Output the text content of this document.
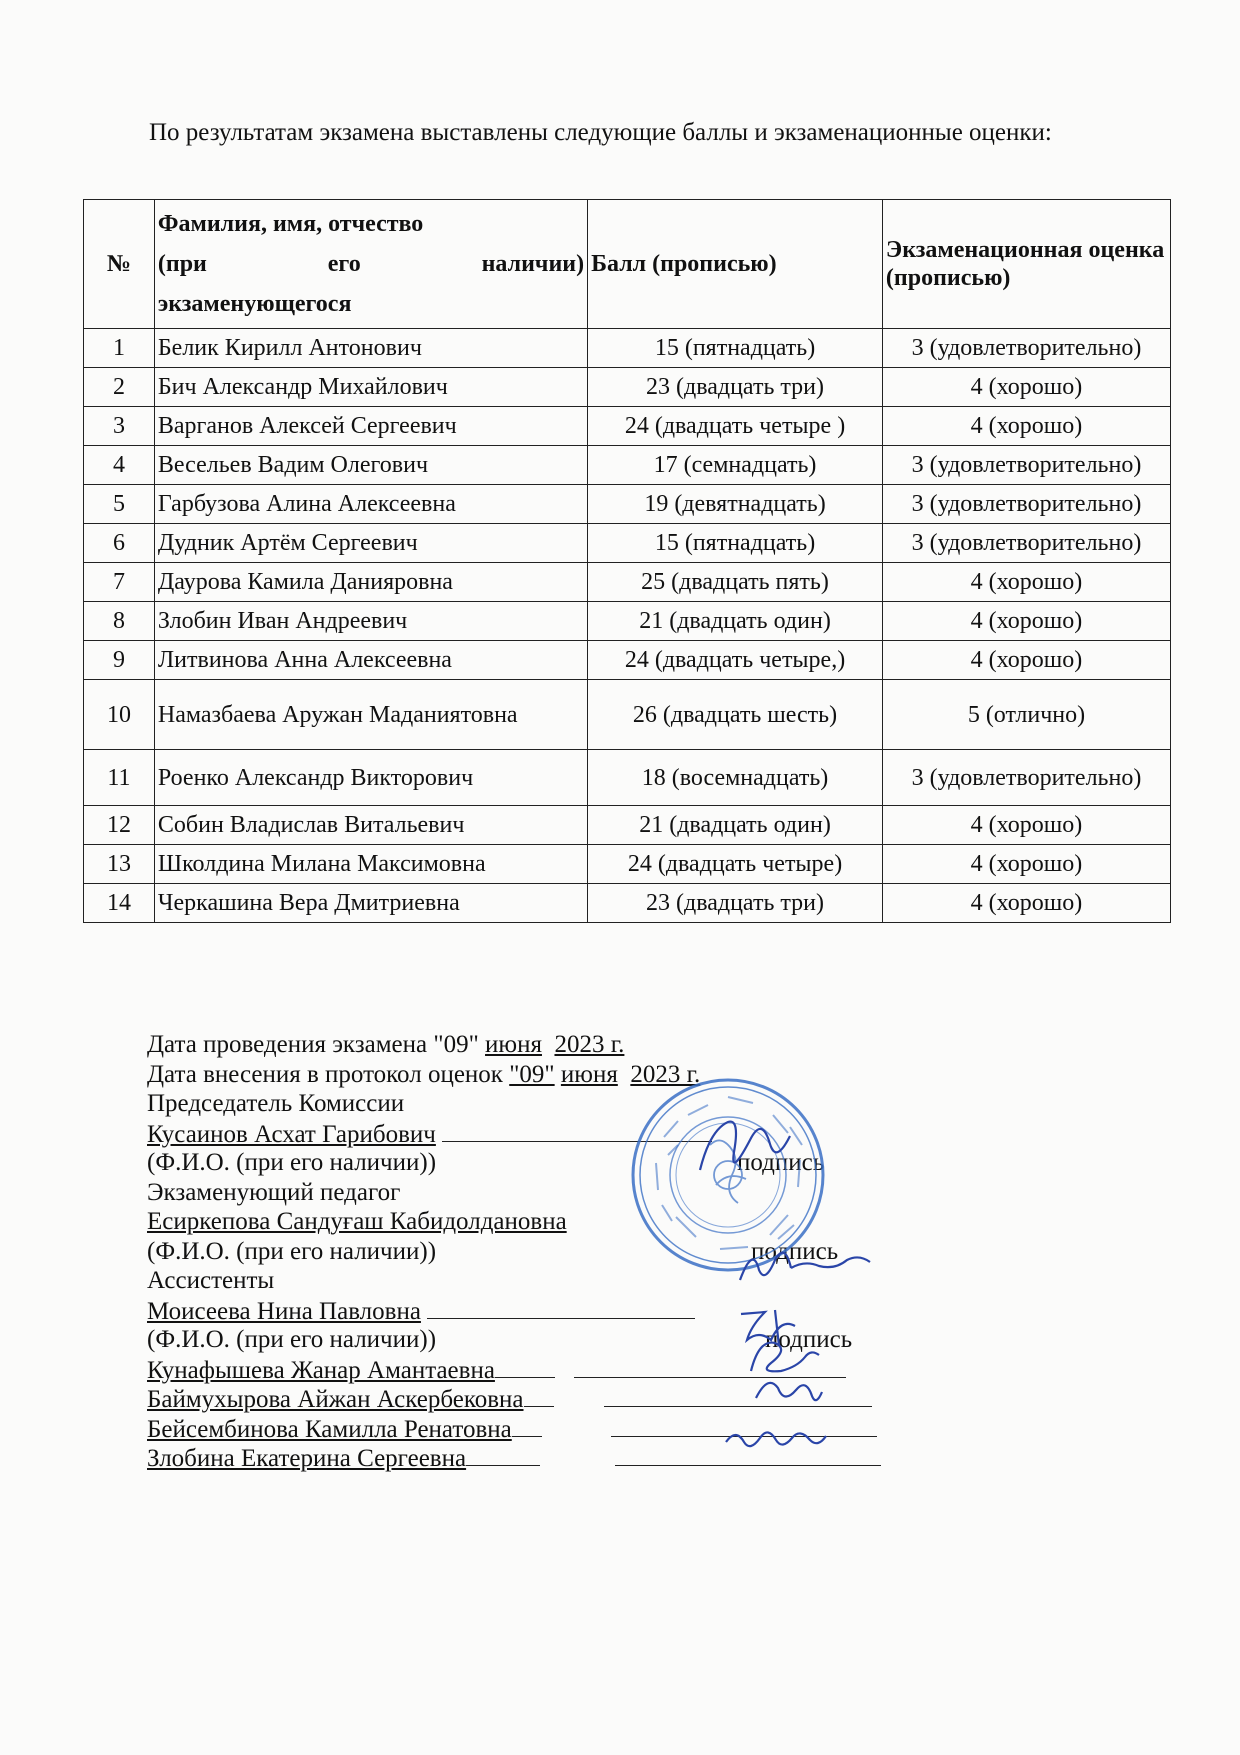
По результатам экзамена выставлены следующие баллы и экзаменационные оценки:
№	Фамилия, имя, отчество
(при его наличии)
экзаменующегося	Балл (прописью)	Экзаменационная оценка (прописью)
1	Белик Кирилл Антонович	15 (пятнадцать)	3 (удовлетворительно)
2	Бич Александр Михайлович	23 (двадцать три)	4 (хорошо)
3	Варганов Алексей Сергеевич	24 (двадцать четыре )	4 (хорошо)
4	Весельев Вадим Олегович	17 (семнадцать)	3 (удовлетворительно)
5	Гарбузова Алина Алексеевна	19 (девятнадцать)	3 (удовлетворительно)
6	Дудник Артём Сергеевич	15 (пятнадцать)	3 (удовлетворительно)
7	Даурова Камила Данияровна	25 (двадцать пять)	4 (хорошо)
8	Злобин Иван Андреевич	21 (двадцать один)	4 (хорошо)
9	Литвинова Анна Алексеевна	24 (двадцать четыре,)	4 (хорошо)
10	Намазбаева Аружан Маданиятовна	26 (двадцать шесть)	5 (отлично)
11	Роенко Александр Викторович	18 (восемнадцать)	3 (удовлетворительно)
12	Собин Владислав Витальевич	21 (двадцать один)	4 (хорошо)
13	Школдина Милана Максимовна	24 (двадцать четыре)	4 (хорошо)
14	Черкашина Вера Дмитриевна	23 (двадцать три)	4 (хорошо)
Дата проведения экзамена "09" июня 2023 г.
Дата внесения в протокол оценок "09" июня 2023 г.
Председатель Комиссии
Кусаинов Асхат Гарибович
(Ф.И.О. (при его наличии))	подпись
Экзаменующий педагог
Есиркепова Сандуғаш Кабидолдановна
(Ф.И.О. (при его наличии))	подпись
Ассистенты
Моисеева Нина Павловна
(Ф.И.О. (при его наличии))	подпись
Кунафышева Жанар Амантаевна
Баймухырова Айжан Аскербековна
Бейсембинова Камилла Ренатовна
Злобина Екатерина Сергеевна
